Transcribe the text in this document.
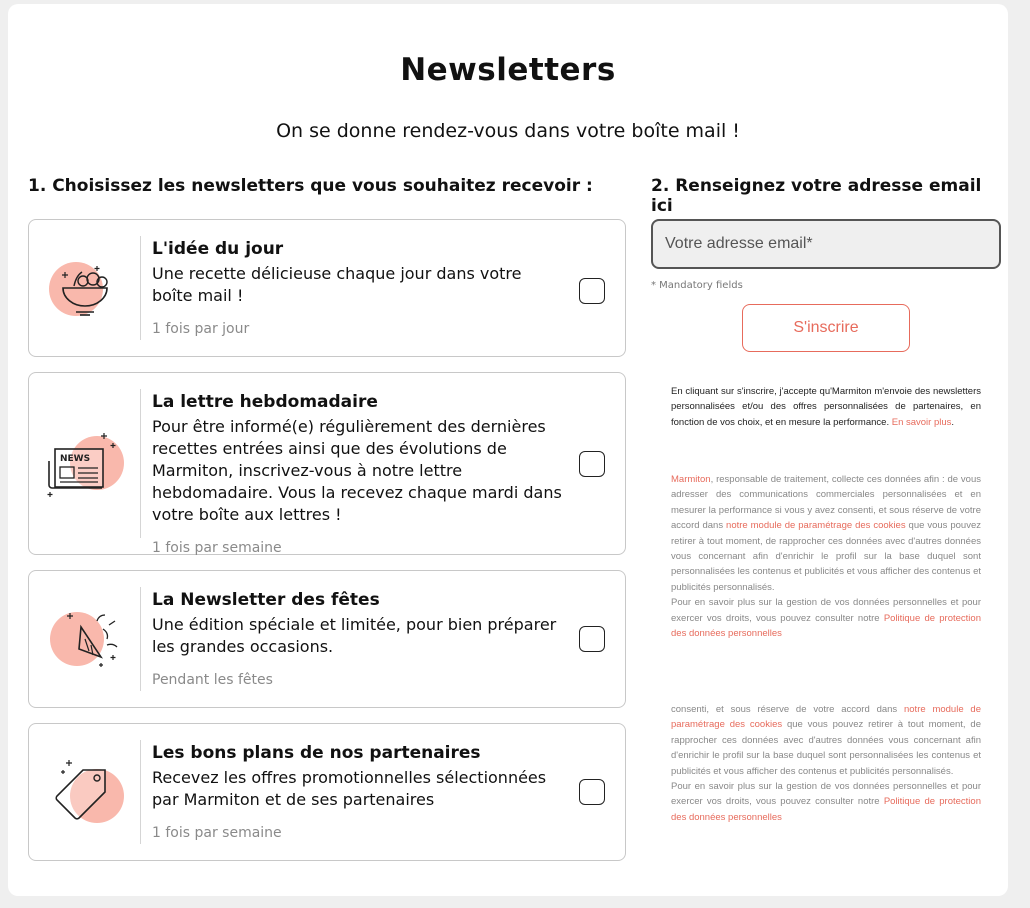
Newsletters

On se donne rendez-vous dans votre boîte mail !

1. Choisissez les newsletters que vous souhaitez recevoir :	2. Renseignez votre adresse email ici
L'idée du jour
Une recette délicieuse chaque jour dans votre boîte mail !
1 fois par jour
NEWS
La lettre hebdomadaire
Pour être informé(e) régulièrement des dernières recettes entrées ainsi que des évolutions de Marmiton, inscrivez-vous à notre lettre hebdomadaire. Vous la recevez chaque mardi dans votre boîte aux lettres !
1 fois par semaine
La Newsletter des fêtes
Une édition spéciale et limitée, pour bien préparer les grandes occasions.
Pendant les fêtes
Les bons plans de nos partenaires
Recevez les offres promotionnelles sélectionnées par Marmiton et de ses partenaires
1 fois par semaine
Votre adresse email*
* Mandatory fields
S'inscrire
En cliquant sur s'inscrire, j'accepte qu'Marmiton m'envoie des newsletters personnalisées et/ou des offres personnalisées de partenaires, en fonction de vos choix, et en mesure la performance. En savoir plus.
Marmiton, responsable de traitement, collecte ces données afin : de vous adresser des communications commerciales personnalisées et en mesurer la performance si vous y avez consenti, et sous réserve de votre accord dans notre module de paramétrage des cookies que vous pouvez retirer à tout moment, de rapprocher ces données avec d'autres données vous concernant afin d'enrichir le profil sur la base duquel sont personnalisées les contenus et publicités et vous afficher des contenus et publicités personnalisés.
Pour en savoir plus sur la gestion de vos données personnelles et pour exercer vos droits, vous pouvez consulter notre Politique de protection des données personnelles
consenti, et sous réserve de votre accord dans notre module de paramétrage des cookies que vous pouvez retirer à tout moment, de rapprocher ces données avec d'autres données vous concernant afin d'enrichir le profil sur la base duquel sont personnalisées les contenus et publicités et vous afficher des contenus et publicités personnalisés.
Pour en savoir plus sur la gestion de vos données personnelles et pour exercer vos droits, vous pouvez consulter notre Politique de protection des données personnelles
